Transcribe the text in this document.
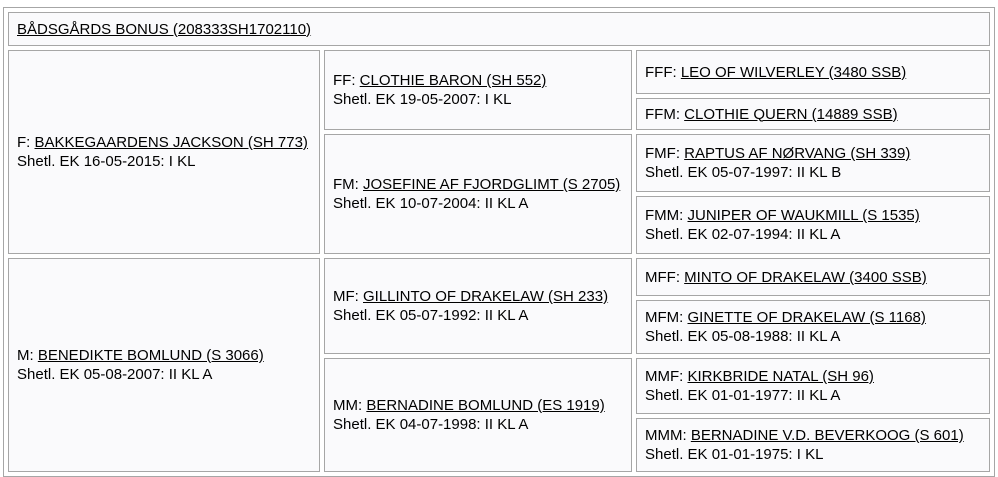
BÅDSGÅRDS BONUS (208333SH1702110)		

F: BAKKEGAARDENS JACKSON (SH 773)
Shetl. EK 16-05-2015: I KL

FF: CLOTHIE BARON (SH 552)
Shetl. EK 19-05-2007: I KL

FFF: LEO OF WILVERLEY (3480 SSB)

		FFM: CLOTHIE QUERN (14889 SSB)

FM: JOSEFINE AF FJORDGLIMT (S 2705)
Shetl. EK 10-07-2004: II KL A

FMF: RAPTUS AF NØRVANG (SH 339)
Shetl. EK 05-07-1997: II KL B

		FMM: JUNIPER OF WAUKMILL (S 1535)
Shetl. EK 02-07-1994: II KL A

M: BENEDIKTE BOMLUND (S 3066)
Shetl. EK 05-08-2007: II KL A

MF: GILLINTO OF DRAKELAW (SH 233)
Shetl. EK 05-07-1992: II KL A

MFF: MINTO OF DRAKELAW (3400 SSB)

		MFM: GINETTE OF DRAKELAW (S 1168)
Shetl. EK 05-08-1988: II KL A

MM: BERNADINE BOMLUND (ES 1919)
Shetl. EK 04-07-1998: II KL A

MMF: KIRKBRIDE NATAL (SH 96)
Shetl. EK 01-01-1977: II KL A

		MMM: BERNADINE V.D. BEVERKOOG (S 601)
Shetl. EK 01-01-1975: I KL
